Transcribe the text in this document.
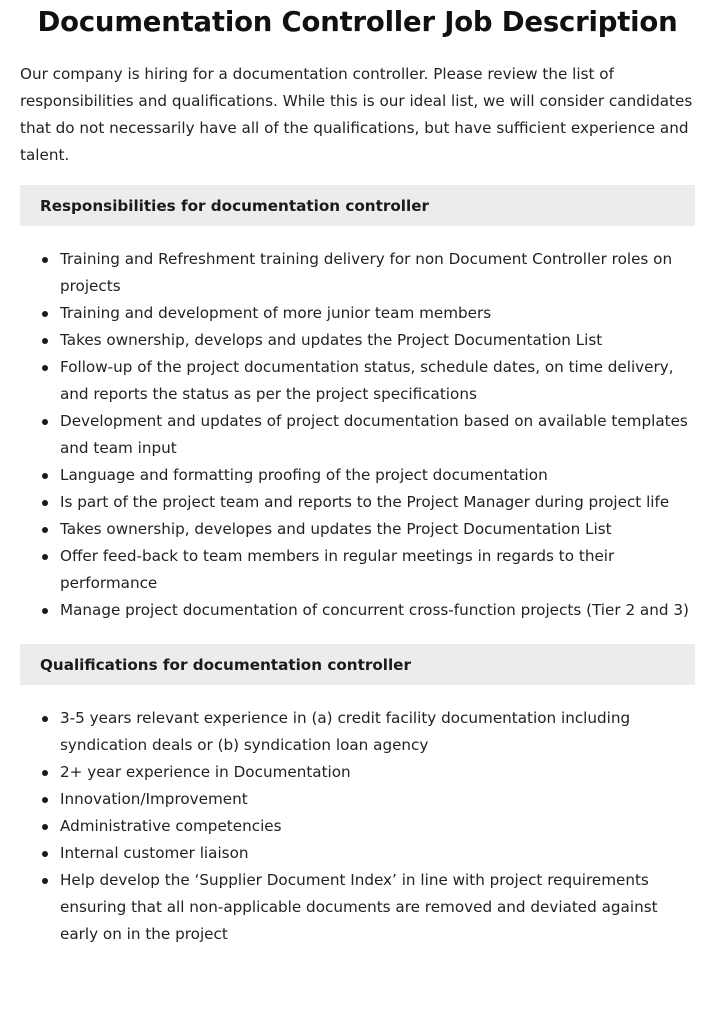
Documentation Controller Job Description

Our company is hiring for a documentation controller. Please review the list of responsibilities and qualifications. While this is our ideal list, we will consider candidates that do not necessarily have all of the qualifications, but have sufficient experience and talent.

Responsibilities for documentation controller
Training and Refreshment training delivery for non Document Controller roles on projects
Training and development of more junior team members
Takes ownership, develops and updates the Project Documentation List
Follow-up of the project documentation status, schedule dates, on time delivery, and reports the status as per the project specifications
Development and updates of project documentation based on available templates and team input
Language and formatting proofing of the project documentation
Is part of the project team and reports to the Project Manager during project life
Takes ownership, developes and updates the Project Documentation List
Offer feed-back to team members in regular meetings in regards to their performance
Manage project documentation of concurrent cross-function projects (Tier 2 and 3)
Qualifications for documentation controller
3-5 years relevant experience in (a) credit facility documentation including syndication deals or (b) syndication loan agency
2+ year experience in Documentation
Innovation/Improvement
Administrative competencies
Internal customer liaison
Help develop the ‘Supplier Document Index’ in line with project requirements ensuring that all non-applicable documents are removed and deviated against early on in the project
